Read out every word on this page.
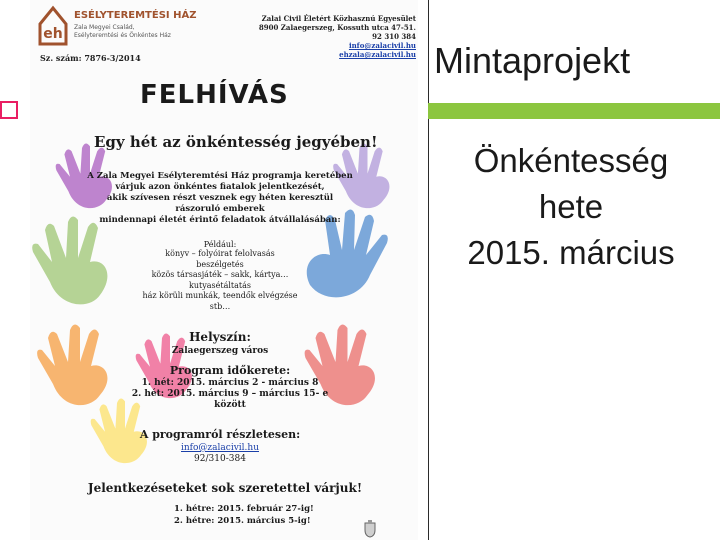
Mintaprojekt
Önkéntesség
hete
2015. március
eh
ESÉLYTEREMTÉSI HÁZ
Zala Megyei Család,
Esélyteremtési és Önkéntes Ház
Zalai Civil Életért Közhasznú Egyesület
8900 Zalaegerszeg, Kossuth utca 47-51.
92 310 384
info@zalacivil.hu
ehzala@zalacivil.hu
Sz. szám: 7876-3/2014
FELHÍVÁS
Egy hét az önkéntesség jegyében!
A Zala Megyei Esélyteremtési Ház programja keretében
várjuk azon önkéntes fiatalok jelentkezését,
akik szívesen részt vesznek egy héten keresztül
rászoruló emberek
mindennapi életét érintő feladatok átvállalásában:
Például:
könyv – folyóirat felolvasás
beszélgetés
közös társasjáték – sakk, kártya…
kutyasétáltatás
ház körüli munkák, teendők elvégzése
stb…
Helyszín:
Zalaegerszeg város
Program időkerete:
1. hét: 2015. március 2 - március 8
2. hét: 2015. március 9 – március 15- e
között
A programról részletesen:
info@zalacivil.hu
92/310-384
Jelentkezéseteket sok szeretettel várjuk!
1. hétre: 2015. február 27-ig!
2. hétre: 2015. március 5-ig!
